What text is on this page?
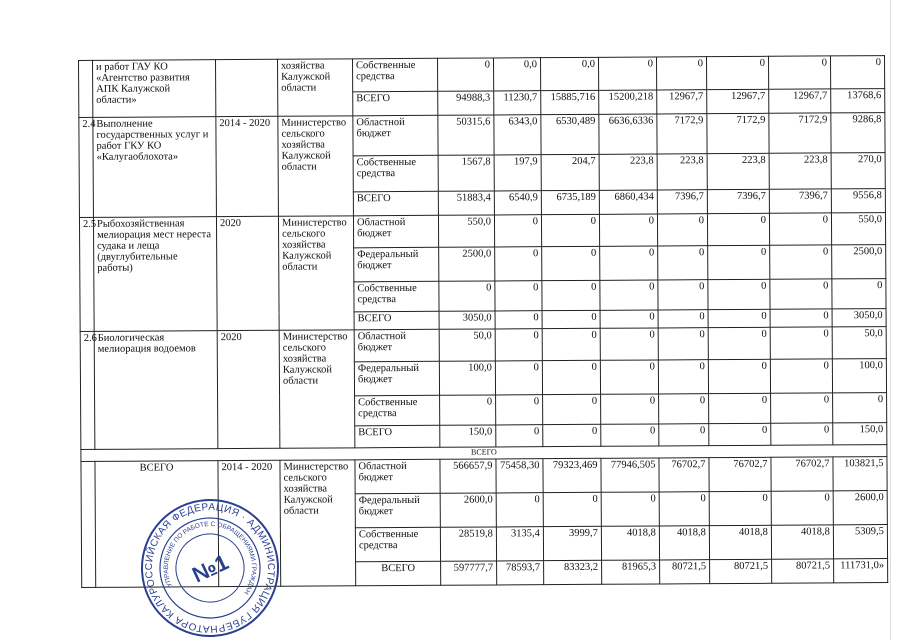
	и работ ГАУ КО «Агентство развития АПК Калужской области»		хозяйства Калужской области	Собственные средства	0	0,0	0,0	0	0	0	0	0
				ВСЕГО	94988,3	11230,7	15885,716	15200,218	12967,7	12967,7	12967,7	13768,6
2.4	Выполнение государственных услуг и работ ГКУ КО «Калугаоблохота»	2014 - 2020	Министерство сельского хозяйства Калужской области	Областной бюджет	50315,6	6343,0	6530,489	6636,6336	7172,9	7172,9	7172,9	9286,8
				Собственные средства	1567,8	197,9	204,7	223,8	223,8	223,8	223,8	270,0
				ВСЕГО	51883,4	6540,9	6735,189	6860,434	7396,7	7396,7	7396,7	9556,8
2.5	Рыбохозяйственная мелиорация мест нереста судака и леща (двуглубительные работы)	2020	Министерство сельского хозяйства Калужской области	Областной бюджет	550,0	0	0	0	0	0	0	550,0
				Федеральный бюджет	2500,0	0	0	0	0	0	0	2500,0
				Собственные средства	0	0	0	0	0	0	0	0
				ВСЕГО	3050,0	0	0	0	0	0	0	3050,0
2.6	Биологическая мелиорация водоемов	2020	Министерство сельского хозяйства Калужской области	Областной бюджет	50,0	0	0	0	0	0	0	50,0
				Федеральный бюджет	100,0	0	0	0	0	0	0	100,0
				Собственные средства	0	0	0	0	0	0	0	0
				ВСЕГО	150,0	0	0	0	0	0	0	150,0
ВСЕГО												
	ВСЕГО	2014 - 2020	Министерство сельского хозяйства Калужской области	Областной бюджет	566657,9	75458,30	79323,469	77946,505	76702,7	76702,7	76702,7	103821,5
				Федеральный бюджет	2600,0	0	0	0	0	0	0	2600,0
				Собственные средства	28519,8	3135,4	3999,7	4018,8	4018,8	4018,8	4018,8	5309,5
				ВСЕГО	597777,7	78593,7	83323,2	81965,3	80721,5	80721,5	80721,5	111731,0»
РОССИЙСКАЯ ФЕДЕРАЦИЯ · АДМИНИСТРАЦИЯ ГУБЕРНАТОРА КАЛУЖСКОЙ
УПРАВЛЕНИЕ ПО РАБОТЕ С ОБРАЩЕНИЯМИ ГРАЖДАН
№1
